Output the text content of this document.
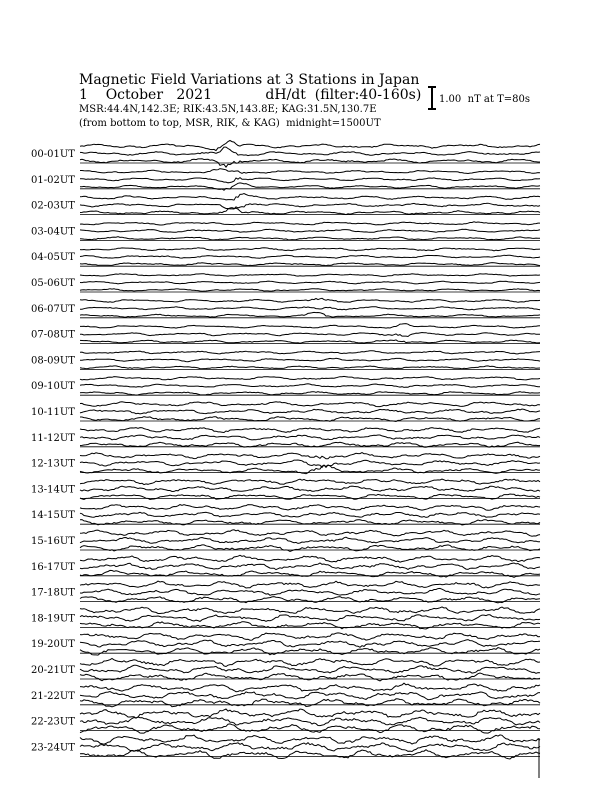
Magnetic Field Variations at 3 Stations in Japan
1    October   2021            dH/dt  (filter:40-160s)
MSR:44.4N,142.3E; RIK:43.5N,143.8E; KAG:31.5N,130.7E
(from bottom to top, MSR, RIK, & KAG)  midnight=1500UT
1.00  nT at T=80s
00-01UT
01-02UT
02-03UT
03-04UT
04-05UT
05-06UT
06-07UT
07-08UT
08-09UT
09-10UT
10-11UT
11-12UT
12-13UT
13-14UT
14-15UT
15-16UT
16-17UT
17-18UT
18-19UT
19-20UT
20-21UT
21-22UT
22-23UT
23-24UT
